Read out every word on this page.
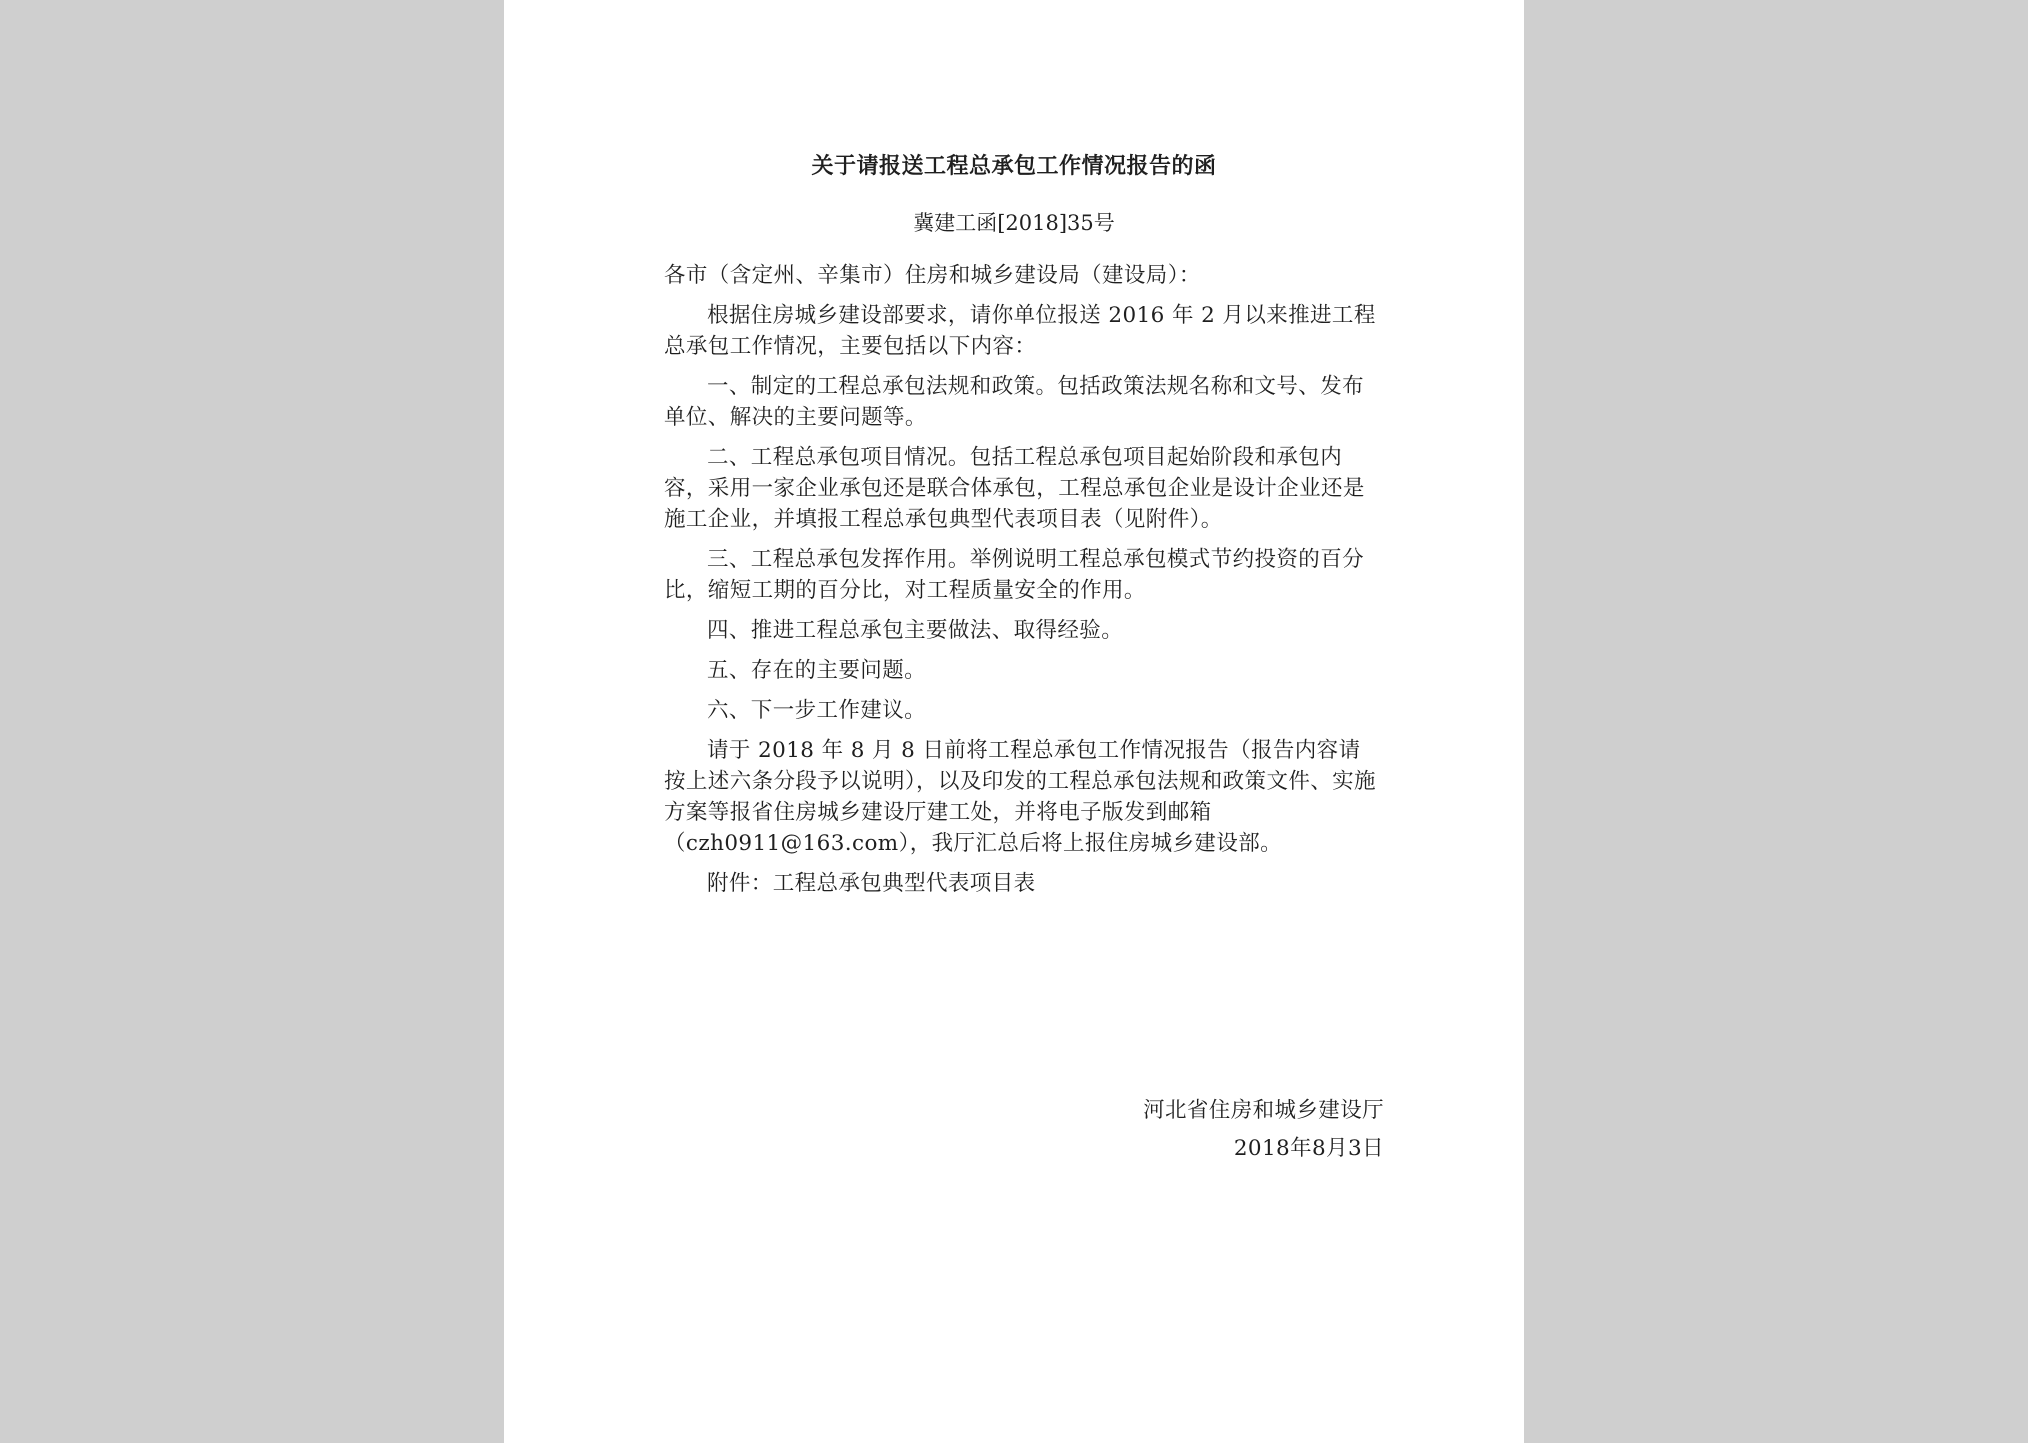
关于请报送工程总承包工作情况报告的函
冀建工函[2018]35号

各市（含定州、辛集市）住房和城乡建设局（建设局）：

根据住房城乡建设部要求，请你单位报送 2016 年 2 月以来推进工程总承包工作情况，主要包括以下内容：

一、制定的工程总承包法规和政策。包括政策法规名称和文号、发布单位、解决的主要问题等。

二、工程总承包项目情况。包括工程总承包项目起始阶段和承包内容，采用一家企业承包还是联合体承包，工程总承包企业是设计企业还是施工企业，并填报工程总承包典型代表项目表（见附件）。

三、工程总承包发挥作用。举例说明工程总承包模式节约投资的百分比，缩短工期的百分比，对工程质量安全的作用。

四、推进工程总承包主要做法、取得经验。

五、存在的主要问题。

六、下一步工作建议。

请于 2018 年 8 月 8 日前将工程总承包工作情况报告（报告内容请按上述六条分段予以说明），以及印发的工程总承包法规和政策文件、实施方案等报省住房城乡建设厅建工处，并将电子版发到邮箱（czh0911@163.com），我厅汇总后将上报住房城乡建设部。

附件：工程总承包典型代表项目表

河北省住房和城乡建设厅
2018年8月3日
